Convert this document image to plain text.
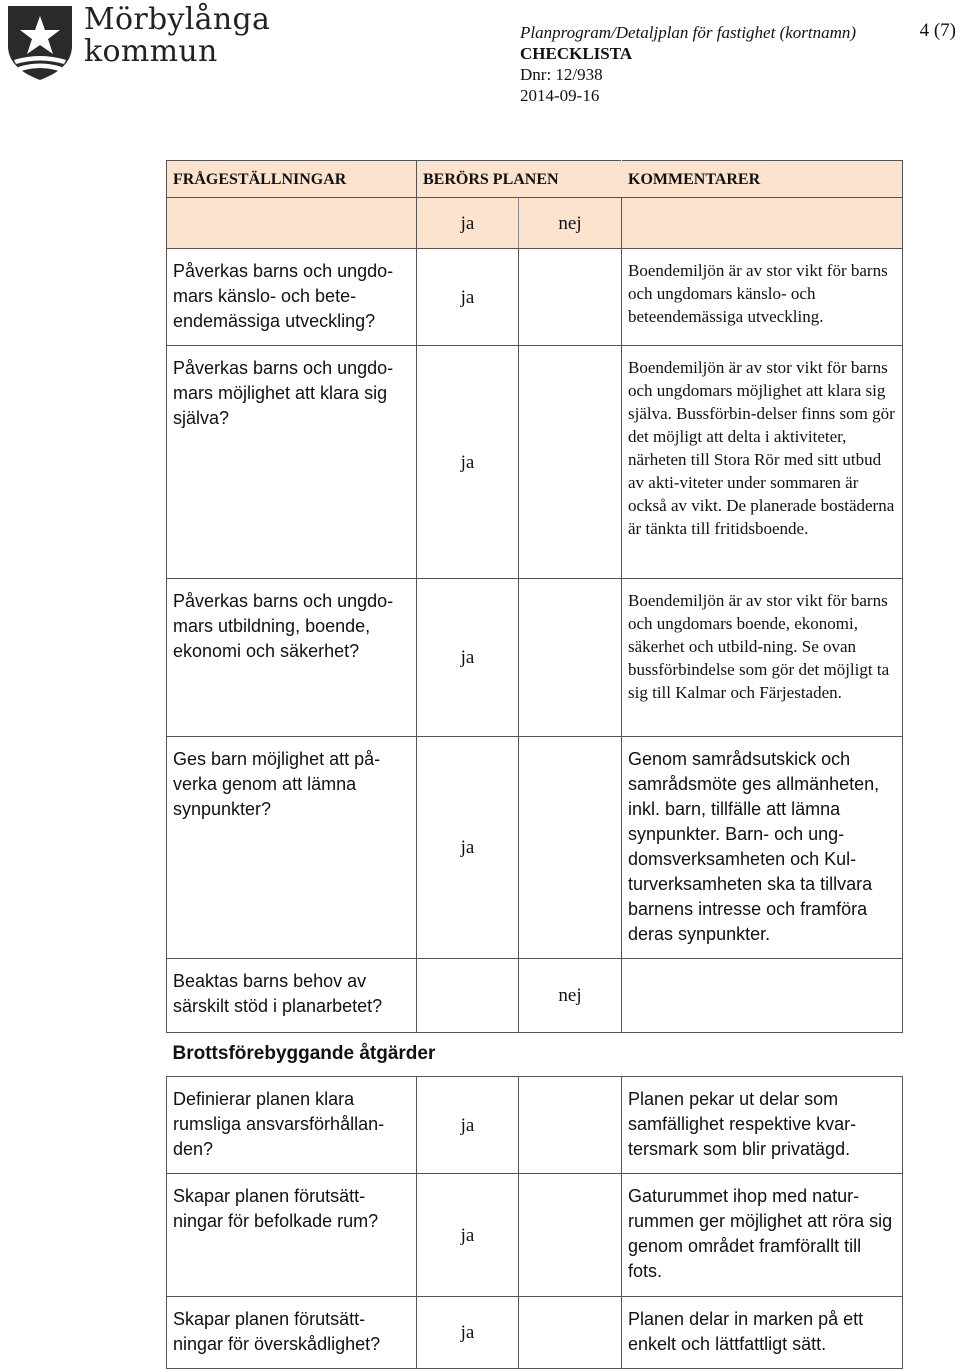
Mörbylånga
kommun
Planprogram/Detaljplan för fastighet (kortnamn)
CHECKLISTA
Dnr: 12/938
2014-09-16
4 (7)
FRÅGESTÄLLNINGAR	BERÖRS PLANEN		KOMMENTARER
	ja	nej	
Påverkas barns och ungdo-mars känslo- och bete-endemässiga utveckling?	ja		Boendemiljön är av stor vikt för barns och ungdomars känslo- och beteendemässiga utveckling.
Påverkas barns och ungdo-mars möjlighet att klara sig själva?	ja		Boendemiljön är av stor vikt för barns och ungdomars möjlighet att klara sig själva. Bussförbin-delser finns som gör det möjligt att delta i aktiviteter, närheten till Stora Rör med sitt utbud av akti-viteter under sommaren är också av vikt. De planerade bostäderna är tänkta till fritidsboende.
Påverkas barns och ungdo-mars utbildning, boende, ekonomi och säkerhet?	ja		Boendemiljön är av stor vikt för barns och ungdomars boende, ekonomi, säkerhet och utbild-ning. Se ovan bussförbindelse som gör det möjligt ta sig till Kalmar och Färjestaden.
Ges barn möjlighet att på-verka genom att lämna synpunkter?	ja		Genom samrådsutskick och samrådsmöte ges allmänheten, inkl. barn, tillfälle att lämna synpunkter. Barn- och ung-domsverksamheten och Kul-turverksamheten ska ta tillvara barnens intresse och framföra deras synpunkter.
Beaktas barns behov av särskilt stöd i planarbetet?		nej	
Brottsförebyggande åtgärder			
Definierar planen klara rumsliga ansvarsförhållan-den?	ja		Planen pekar ut delar som samfällighet respektive kvar-tersmark som blir privatägd.
Skapar planen förutsätt-ningar för befolkade rum?	ja		Gaturummet ihop med natur-rummen ger möjlighet att röra sig genom området framförallt till fots.
Skapar planen förutsätt-ningar för överskådlighet?	ja		Planen delar in marken på ett enkelt och lättfattligt sätt.
